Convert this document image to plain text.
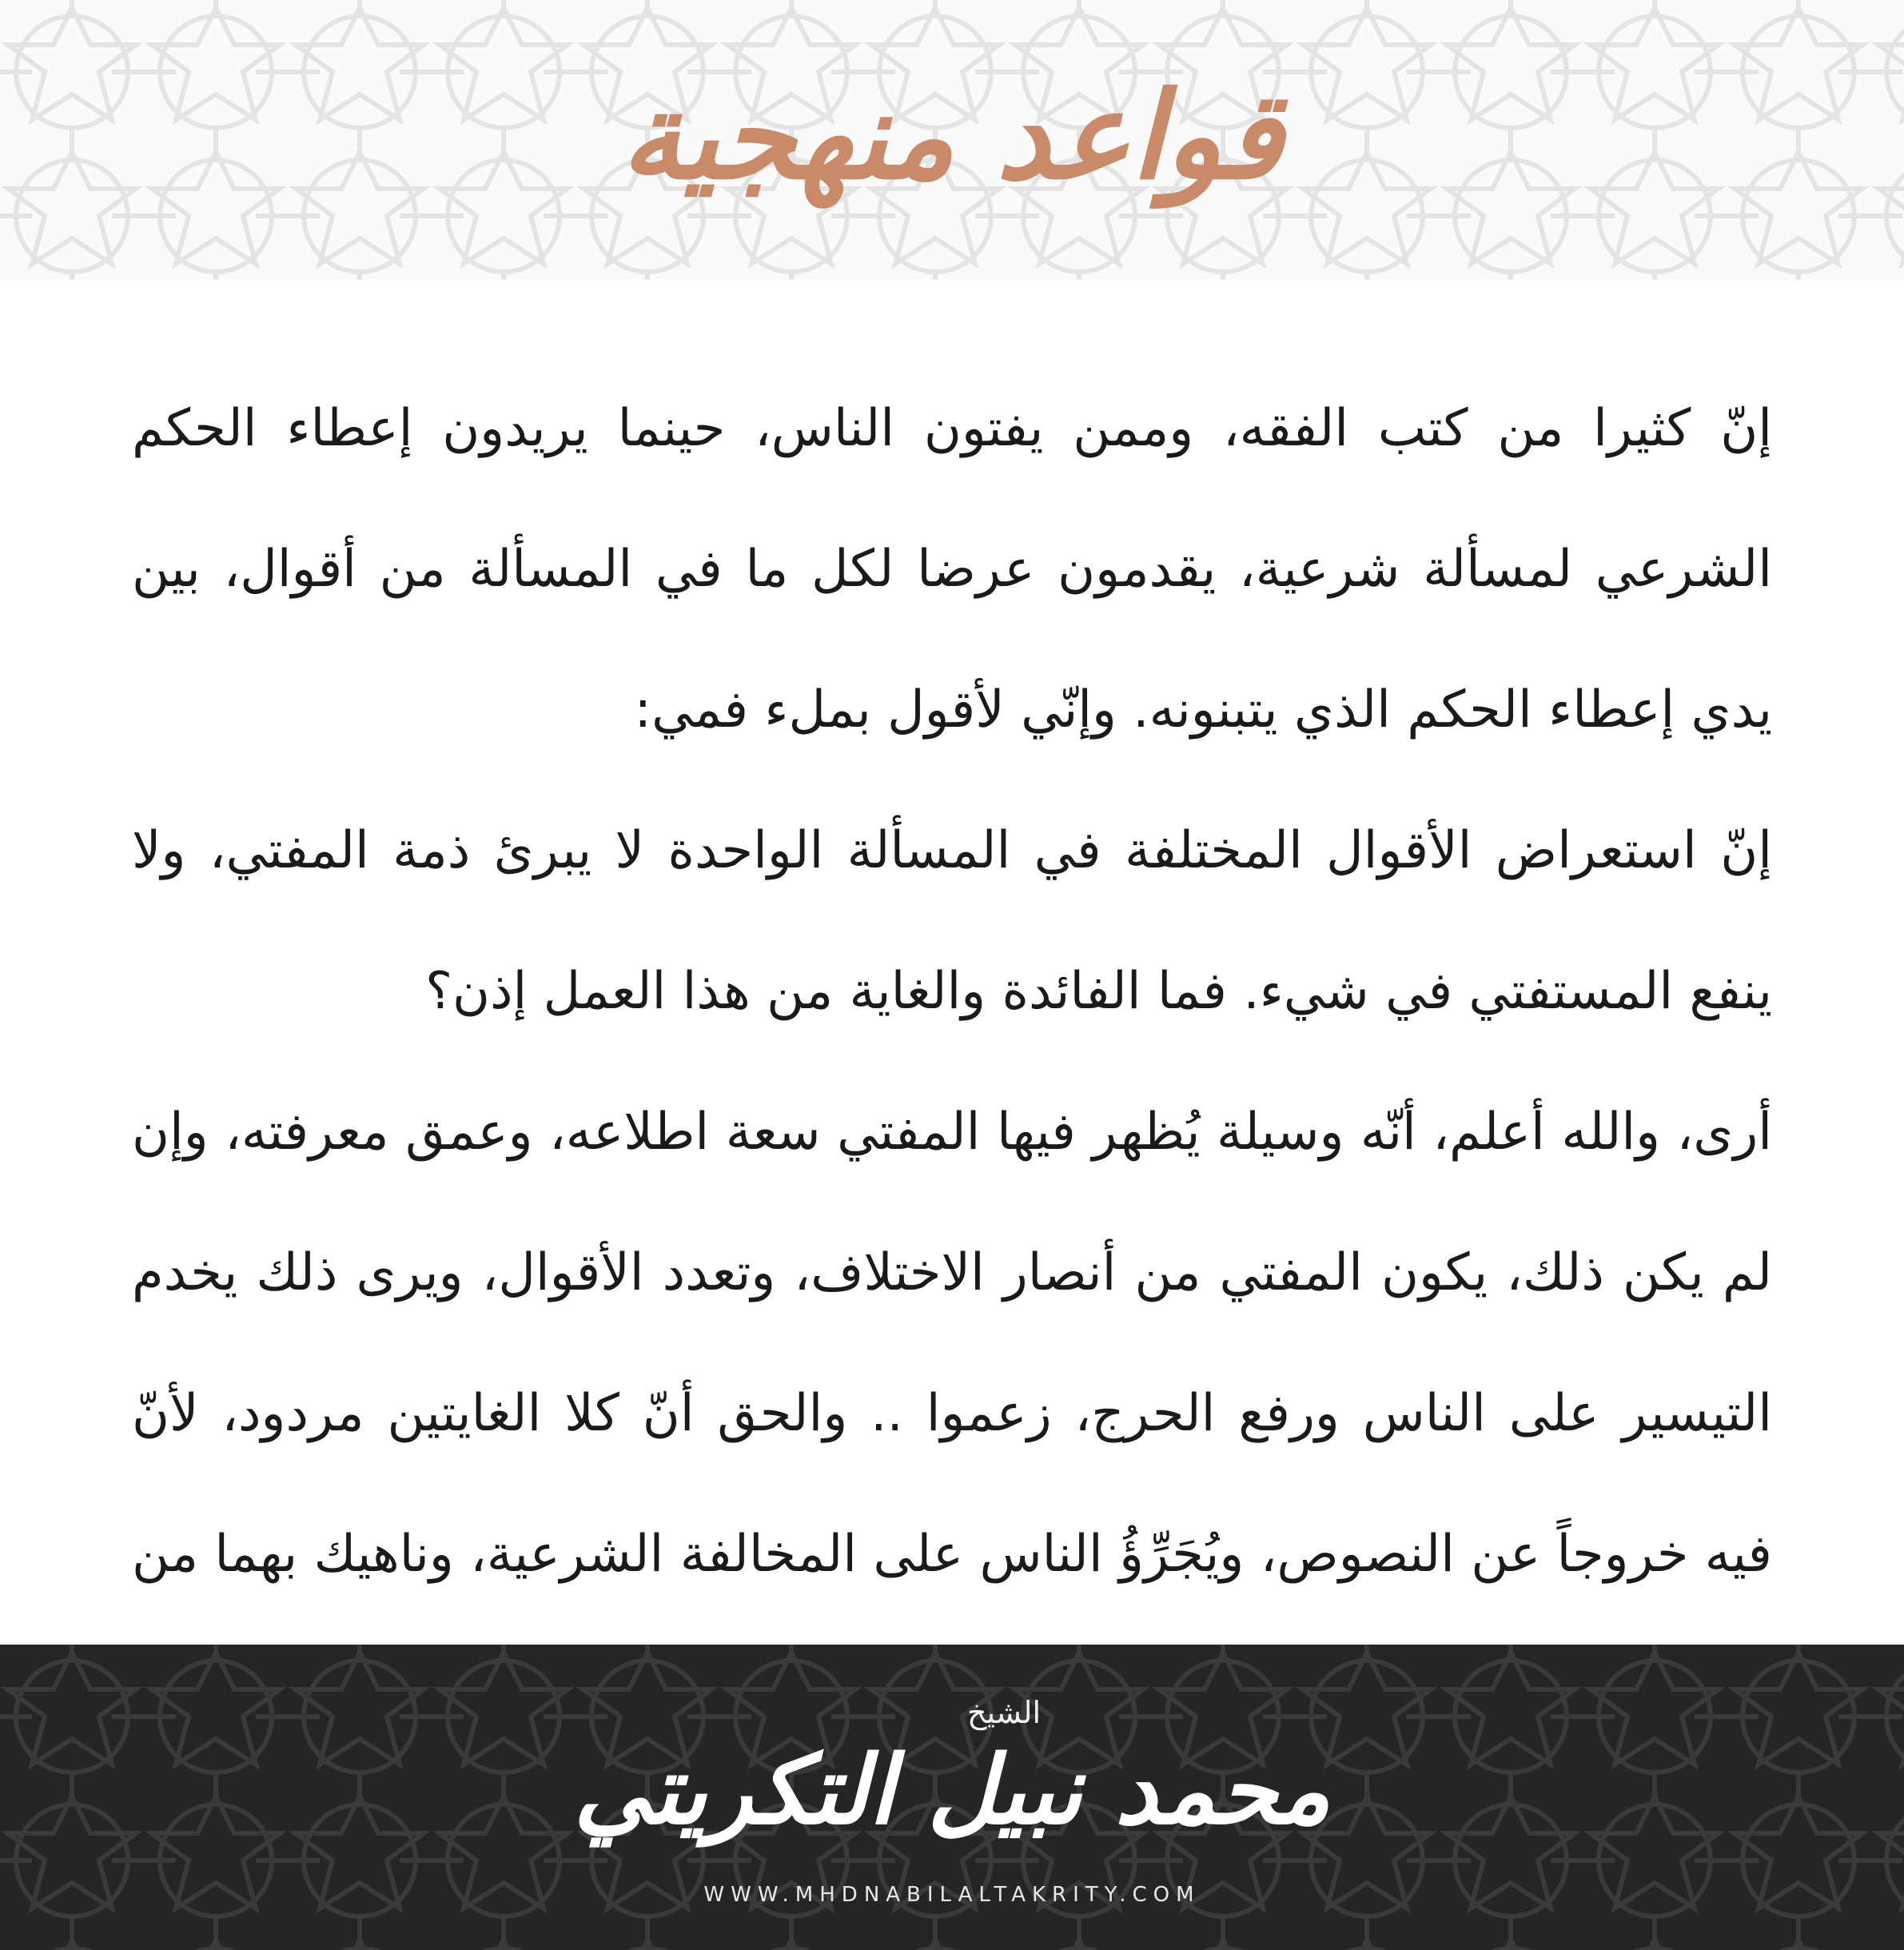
قواعد منهجية

إنّ كثيرا من كتب الفقه، وممن يفتون الناس، حينما يريدون إعطاء الحكم الشرعي لمسألة شرعية، يقدمون عرضا لكل ما في المسألة من أقوال، بين يدي إعطاء الحكم الذي يتبنونه. وإنّي لأقول بملء فمي:

إنّ استعراض الأقوال المختلفة في المسألة الواحدة لا يبرئ ذمة المفتي، ولا ينفع المستفتي في شيء. فما الفائدة والغاية من هذا العمل إذن؟

أرى، والله أعلم، أنّه وسيلة يُظهر فيها المفتي سعة اطلاعه، وعمق معرفته، وإن لم يكن ذلك، يكون المفتي من أنصار الاختلاف، وتعدد الأقوال، ويرى ذلك يخدم التيسير على الناس ورفع الحرج، زعموا .. والحق أنّ كلا الغايتين مردود، لأنّ فيه خروجاً عن النصوص، ويُجَرِّؤُ الناس على المخالفة الشرعية، وناهيك بهما من

الشيخ
محمد نبيل التكريتي
WWW.MHDNABILALTAKRITY.COM
